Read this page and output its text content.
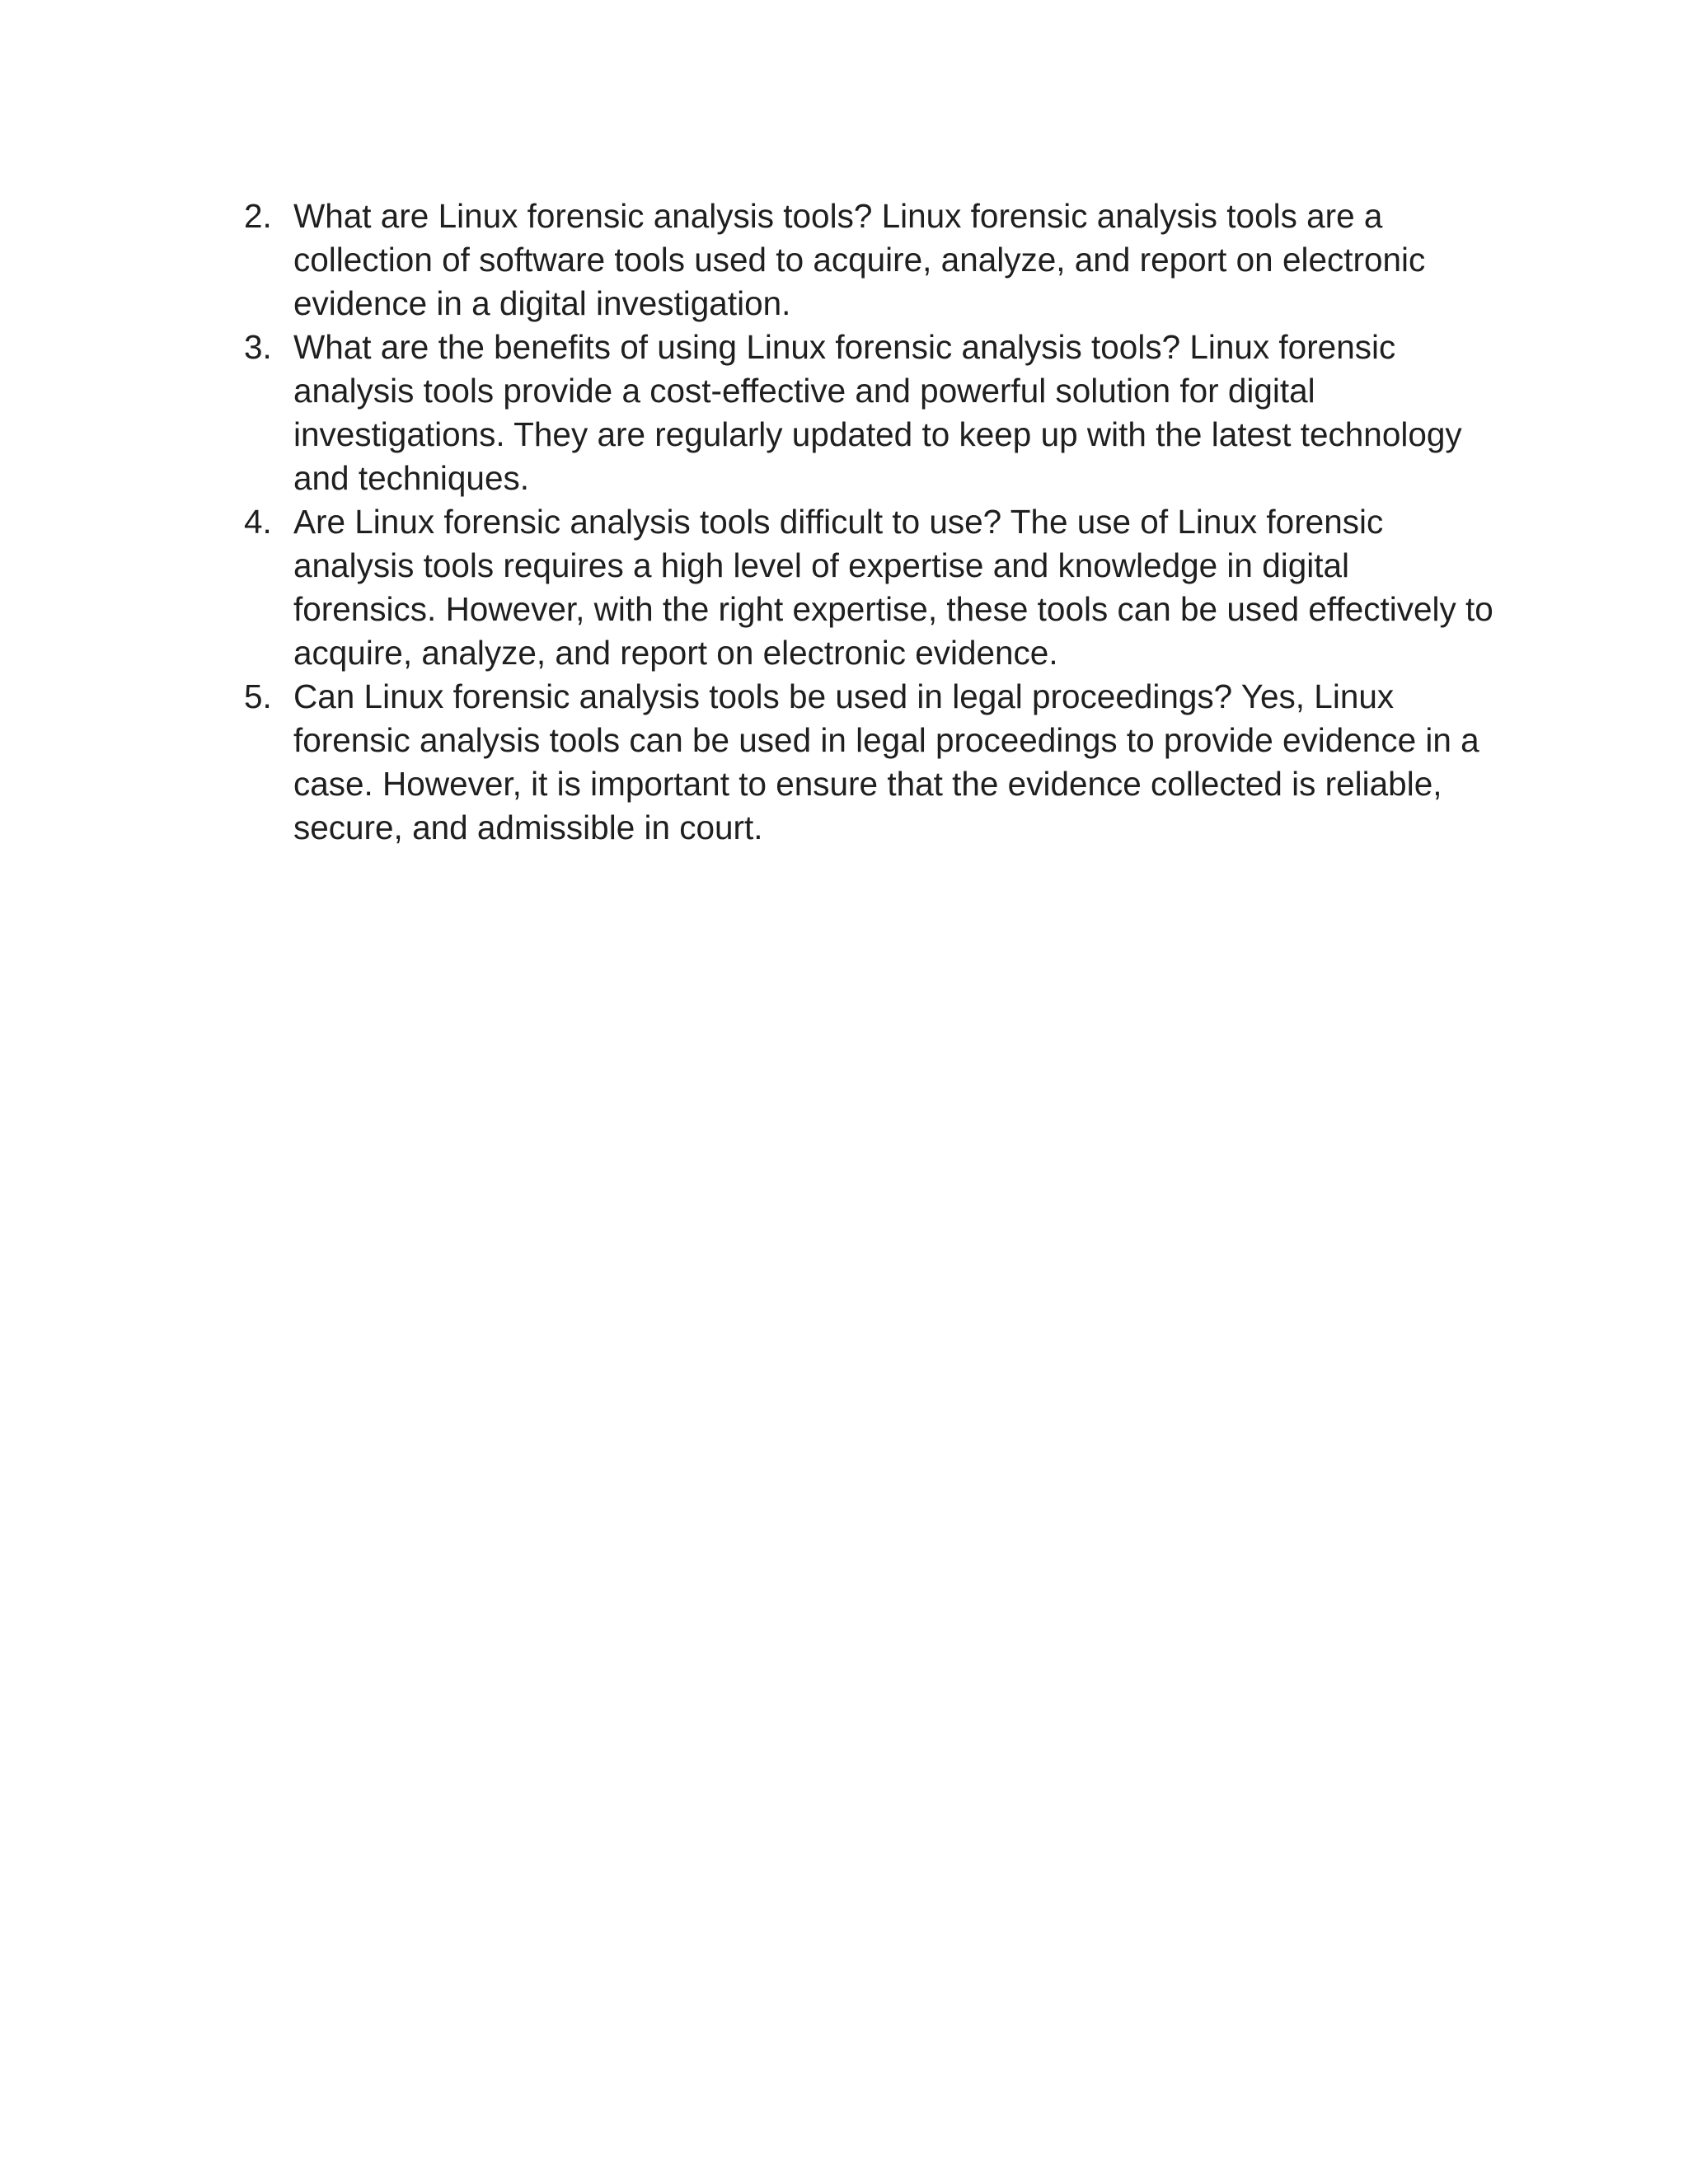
2. What are Linux forensic analysis tools? Linux forensic analysis tools are a collection of software tools used to acquire, analyze, and report on electronic evidence in a digital investigation.
3. What are the benefits of using Linux forensic analysis tools? Linux forensic analysis tools provide a cost-effective and powerful solution for digital investigations. They are regularly updated to keep up with the latest technology and techniques.
4. Are Linux forensic analysis tools difficult to use? The use of Linux forensic analysis tools requires a high level of expertise and knowledge in digital forensics. However, with the right expertise, these tools can be used effectively to acquire, analyze, and report on electronic evidence.
5. Can Linux forensic analysis tools be used in legal proceedings? Yes, Linux forensic analysis tools can be used in legal proceedings to provide evidence in a case. However, it is important to ensure that the evidence collected is reliable, secure, and admissible in court.
